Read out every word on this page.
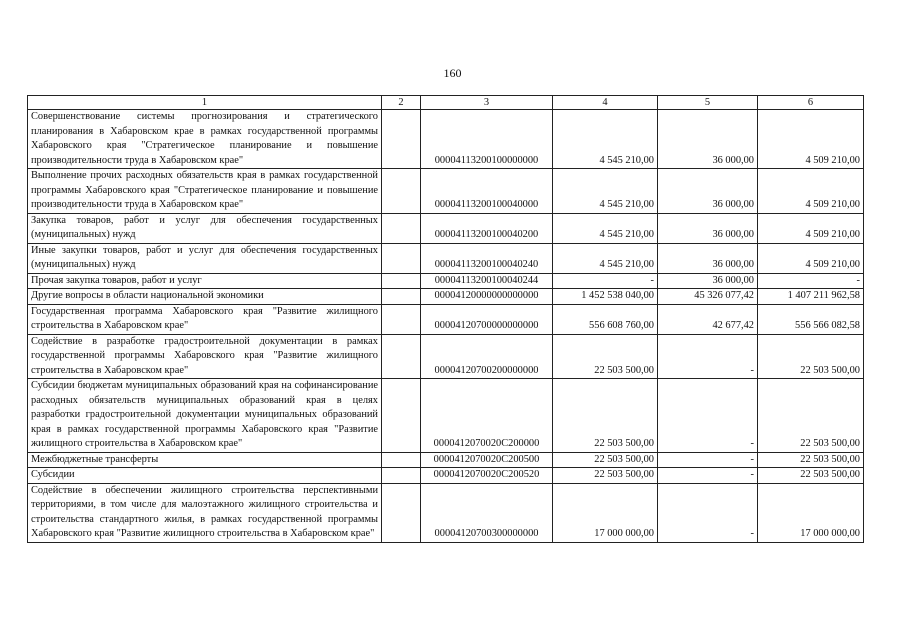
160
1	2	3	4	5	6
Совершенствование системы прогнозирования и стратегического планирования в Хабаровском крае в рамках государственной программы Хабаровского края "Стратегическое планирование и повышение производительности труда в Хабаровском крае"		00004113200100000000	4 545 210,00	36 000,00	4 509 210,00
Выполнение прочих расходных обязательств края в рамках государственной программы Хабаровского края "Стратегическое планирование и повышение производительности труда в Хабаровском крае"		00004113200100040000	4 545 210,00	36 000,00	4 509 210,00
Закупка товаров, работ и услуг для обеспечения государственных (муниципальных) нужд		00004113200100040200	4 545 210,00	36 000,00	4 509 210,00
Иные закупки товаров, работ и услуг для обеспечения государственных (муниципальных) нужд		00004113200100040240	4 545 210,00	36 000,00	4 509 210,00
Прочая закупка товаров, работ и услуг		00004113200100040244	-	36 000,00	-
Другие вопросы в области национальной экономики		00004120000000000000	1 452 538 040,00	45 326 077,42	1 407 211 962,58
Государственная программа Хабаровского края "Развитие жилищного строительства в Хабаровском крае"		00004120700000000000	556 608 760,00	42 677,42	556 566 082,58
Содействие в разработке градостроительной документации в рамках государственной программы Хабаровского края "Развитие жилищного строительства в Хабаровском крае"		00004120700200000000	22 503 500,00	-	22 503 500,00
Субсидии бюджетам муниципальных образований края на софинансирование расходных обязательств муниципальных образований края в целях разработки градостроительной документации муниципальных образований края в рамках государственной программы Хабаровского края "Развитие жилищного строительства в Хабаровском крае"		0000412070020C200000	22 503 500,00	-	22 503 500,00
Межбюджетные трансферты		0000412070020C200500	22 503 500,00	-	22 503 500,00
Субсидии		0000412070020C200520	22 503 500,00	-	22 503 500,00
Содействие в обеспечении жилищного строительства перспективными территориями, в том числе для малоэтажного жилищного строительства и строительства стандартного жилья, в рамках государственной программы Хабаровского края "Развитие жилищного строительства в Хабаровском крае"		00004120700300000000	17 000 000,00	-	17 000 000,00
